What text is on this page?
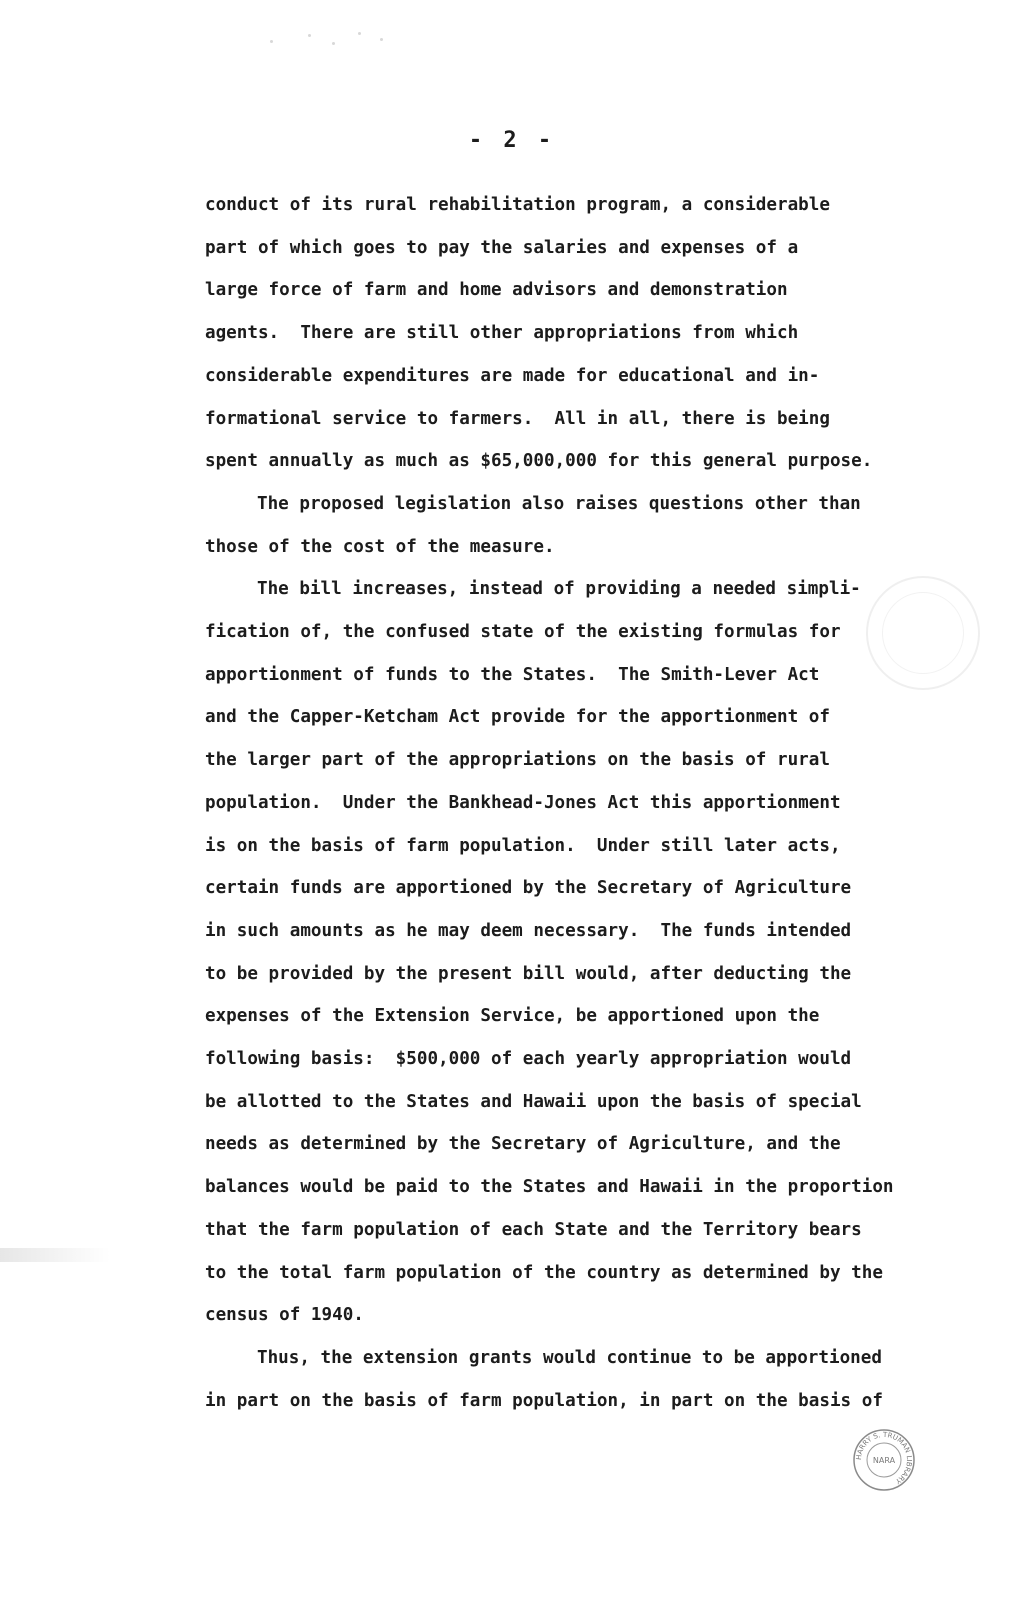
- 2 -
conduct of its rural rehabilitation program, a considerable
part of which goes to pay the salaries and expenses of a
large force of farm and home advisors and demonstration
agents.  There are still other appropriations from which
considerable expenditures are made for educational and in-
formational service to farmers.  All in all, there is being
spent annually as much as $65,000,000 for this general purpose.
The proposed legislation also raises questions other than
those of the cost of the measure.
The bill increases, instead of providing a needed simpli-
fication of, the confused state of the existing formulas for
apportionment of funds to the States.  The Smith-Lever Act
and the Capper-Ketcham Act provide for the apportionment of
the larger part of the appropriations on the basis of rural
population.  Under the Bankhead-Jones Act this apportionment
is on the basis of farm population.  Under still later acts,
certain funds are apportioned by the Secretary of Agriculture
in such amounts as he may deem necessary.  The funds intended
to be provided by the present bill would, after deducting the
expenses of the Extension Service, be apportioned upon the
following basis:  $500,000 of each yearly appropriation would
be allotted to the States and Hawaii upon the basis of special
needs as determined by the Secretary of Agriculture, and the
balances would be paid to the States and Hawaii in the proportion
that the farm population of each State and the Territory bears
to the total farm population of the country as determined by the
census of 1940.
Thus, the extension grants would continue to be apportioned
in part on the basis of farm population, in part on the basis of
HARRY S. TRUMAN LIBRARY
NARA
